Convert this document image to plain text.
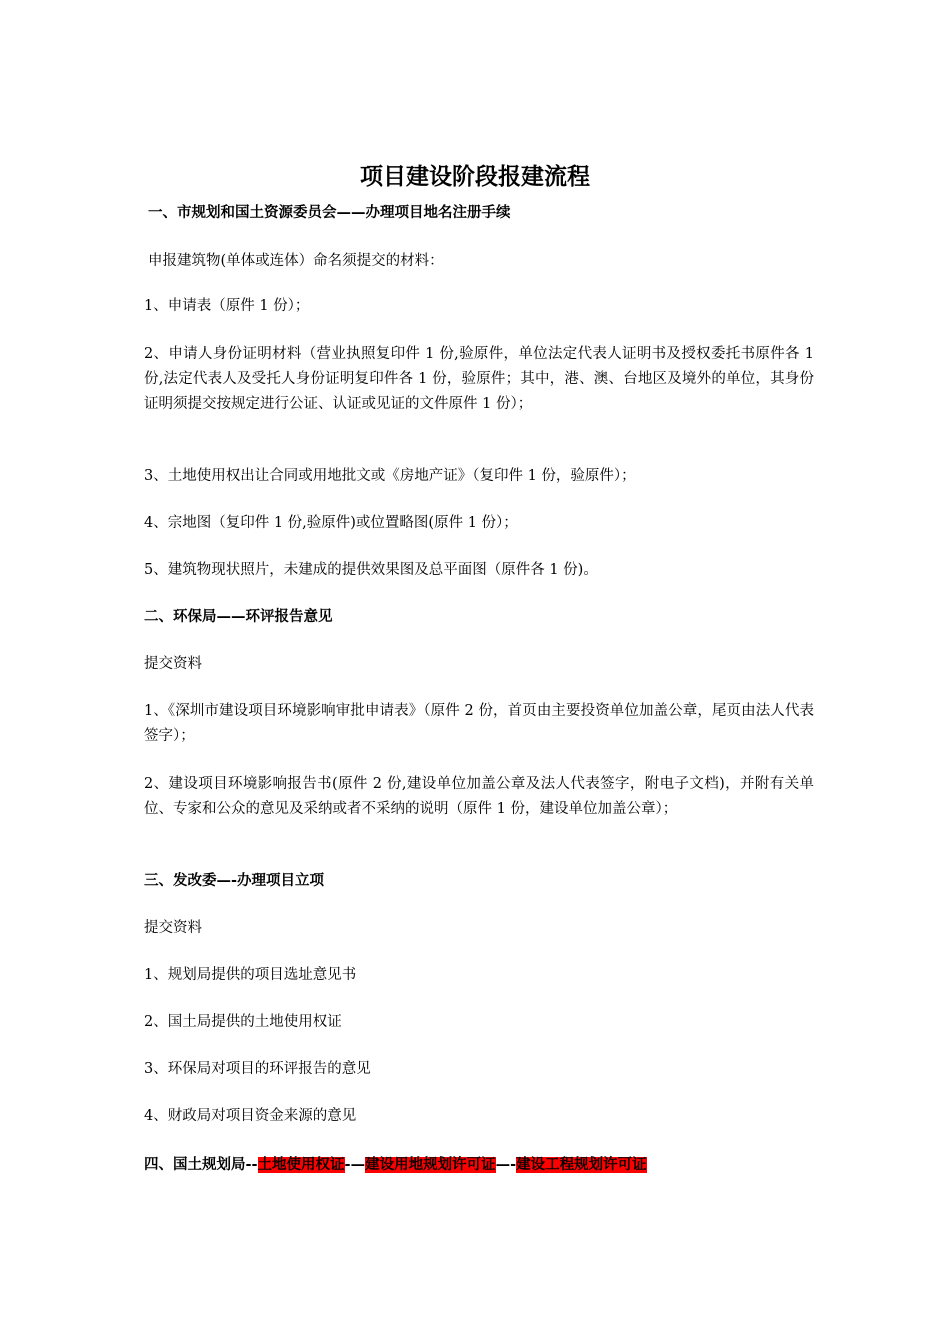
项目建设阶段报建流程
一、市规划和国土资源委员会——办理项目地名注册手续
申报建筑物(单体或连体）命名须提交的材料：
1、申请表（原件 1 份）；
2、申请人身份证明材料（营业执照复印件 1 份,验原件，单位法定代表人证明书及授权委托书原件各 1 份,法定代表人及受托人身份证明复印件各 1 份，验原件；其中，港、澳、台地区及境外的单位，其身份证明须提交按规定进行公证、认证或见证的文件原件 1 份）；
3、土地使用权出让合同或用地批文或《房地产证》（复印件 1 份，验原件）；
4、宗地图（复印件 1 份,验原件)或位置略图(原件 1 份）；
5、建筑物现状照片，未建成的提供效果图及总平面图（原件各 1 份)。
二、环保局——环评报告意见
提交资料
1、《深圳市建设项目环境影响审批申请表》（原件 2 份，首页由主要投资单位加盖公章，尾页由法人代表签字）；
2、建设项目环境影响报告书(原件 2 份,建设单位加盖公章及法人代表签字，附电子文档)，并附有关单位、专家和公众的意见及采纳或者不采纳的说明（原件 1 份，建设单位加盖公章）；
三、发改委—-办理项目立项
提交资料
1、规划局提供的项目选址意见书
2、国土局提供的土地使用权证
3、环保局对项目的环评报告的意见
4、财政局对项目资金来源的意见
四、国土规划局--土地使用权证-—建设用地规划许可证—-建设工程规划许可证
